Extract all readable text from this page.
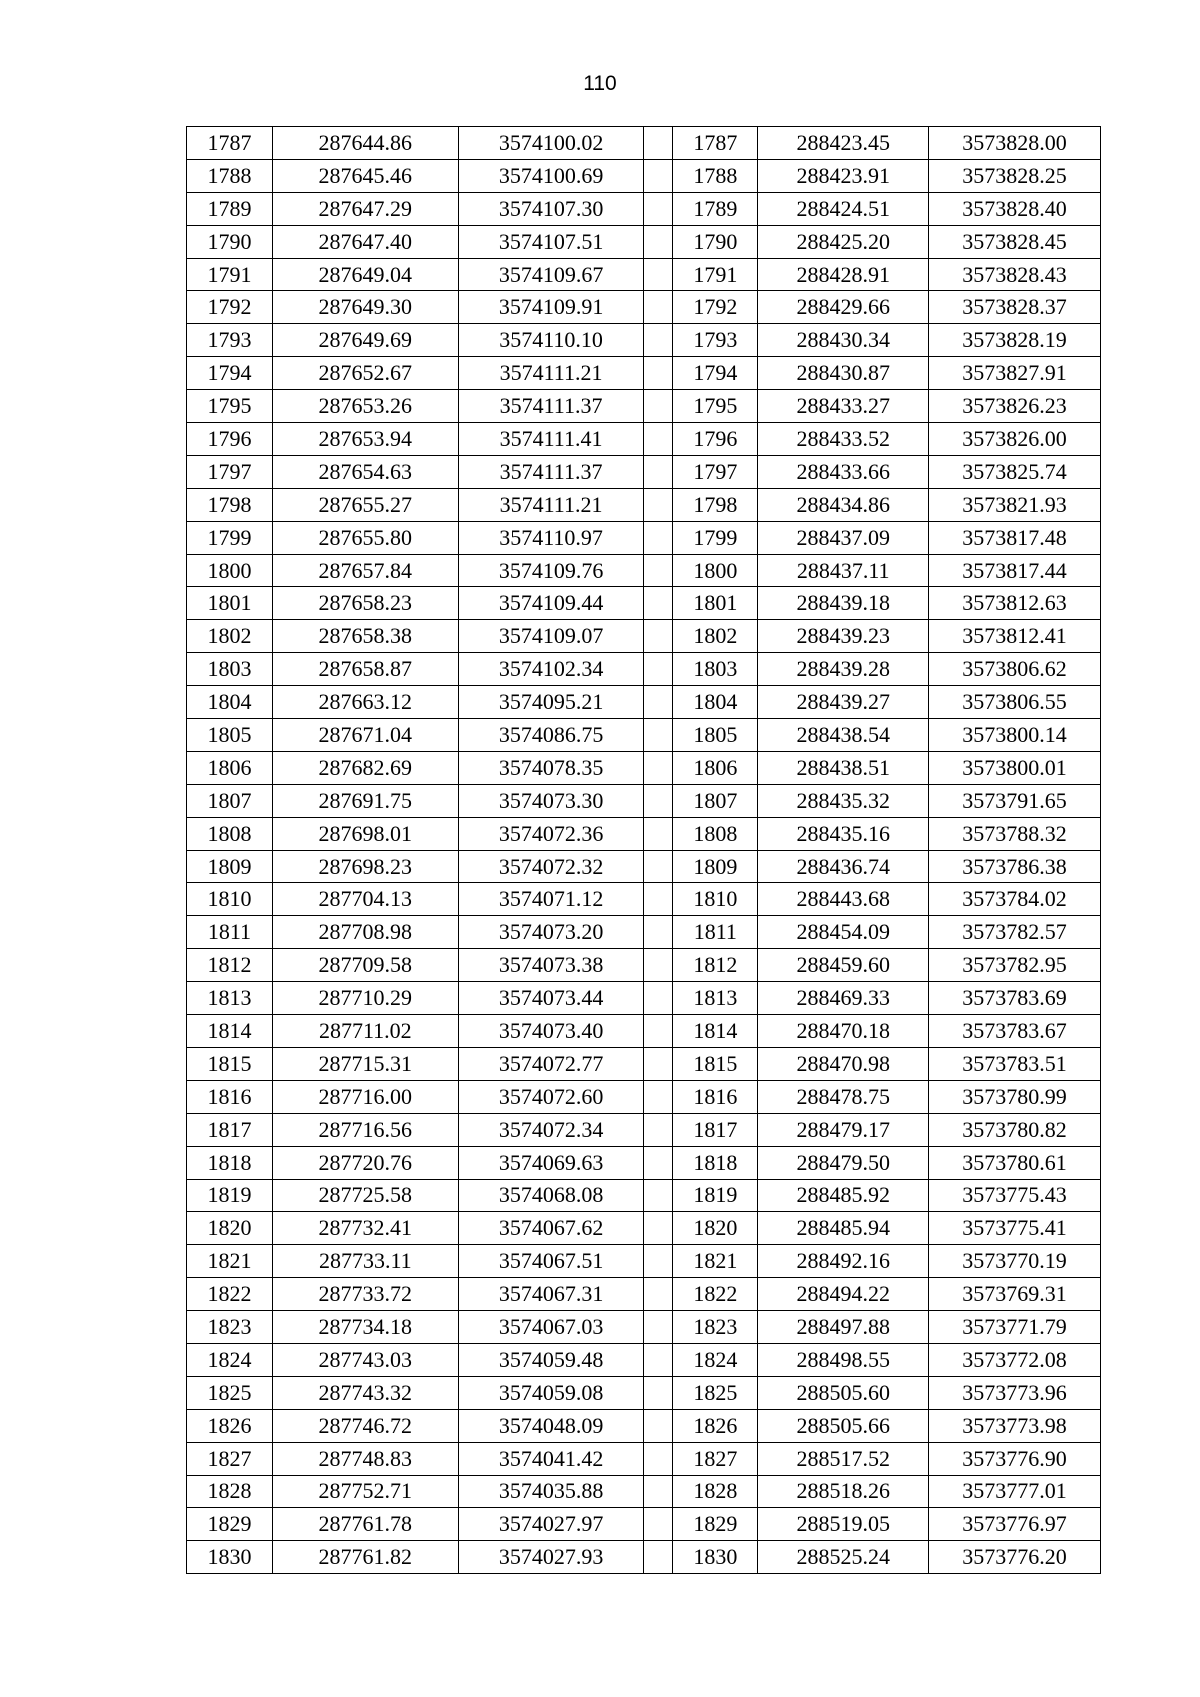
110
1787	287644.86	3574100.02		1787	288423.45	3573828.00
1788	287645.46	3574100.69		1788	288423.91	3573828.25
1789	287647.29	3574107.30		1789	288424.51	3573828.40
1790	287647.40	3574107.51		1790	288425.20	3573828.45
1791	287649.04	3574109.67		1791	288428.91	3573828.43
1792	287649.30	3574109.91		1792	288429.66	3573828.37
1793	287649.69	3574110.10		1793	288430.34	3573828.19
1794	287652.67	3574111.21		1794	288430.87	3573827.91
1795	287653.26	3574111.37		1795	288433.27	3573826.23
1796	287653.94	3574111.41		1796	288433.52	3573826.00
1797	287654.63	3574111.37		1797	288433.66	3573825.74
1798	287655.27	3574111.21		1798	288434.86	3573821.93
1799	287655.80	3574110.97		1799	288437.09	3573817.48
1800	287657.84	3574109.76		1800	288437.11	3573817.44
1801	287658.23	3574109.44		1801	288439.18	3573812.63
1802	287658.38	3574109.07		1802	288439.23	3573812.41
1803	287658.87	3574102.34		1803	288439.28	3573806.62
1804	287663.12	3574095.21		1804	288439.27	3573806.55
1805	287671.04	3574086.75		1805	288438.54	3573800.14
1806	287682.69	3574078.35		1806	288438.51	3573800.01
1807	287691.75	3574073.30		1807	288435.32	3573791.65
1808	287698.01	3574072.36		1808	288435.16	3573788.32
1809	287698.23	3574072.32		1809	288436.74	3573786.38
1810	287704.13	3574071.12		1810	288443.68	3573784.02
1811	287708.98	3574073.20		1811	288454.09	3573782.57
1812	287709.58	3574073.38		1812	288459.60	3573782.95
1813	287710.29	3574073.44		1813	288469.33	3573783.69
1814	287711.02	3574073.40		1814	288470.18	3573783.67
1815	287715.31	3574072.77		1815	288470.98	3573783.51
1816	287716.00	3574072.60		1816	288478.75	3573780.99
1817	287716.56	3574072.34		1817	288479.17	3573780.82
1818	287720.76	3574069.63		1818	288479.50	3573780.61
1819	287725.58	3574068.08		1819	288485.92	3573775.43
1820	287732.41	3574067.62		1820	288485.94	3573775.41
1821	287733.11	3574067.51		1821	288492.16	3573770.19
1822	287733.72	3574067.31		1822	288494.22	3573769.31
1823	287734.18	3574067.03		1823	288497.88	3573771.79
1824	287743.03	3574059.48		1824	288498.55	3573772.08
1825	287743.32	3574059.08		1825	288505.60	3573773.96
1826	287746.72	3574048.09		1826	288505.66	3573773.98
1827	287748.83	3574041.42		1827	288517.52	3573776.90
1828	287752.71	3574035.88		1828	288518.26	3573777.01
1829	287761.78	3574027.97		1829	288519.05	3573776.97
1830	287761.82	3574027.93		1830	288525.24	3573776.20
